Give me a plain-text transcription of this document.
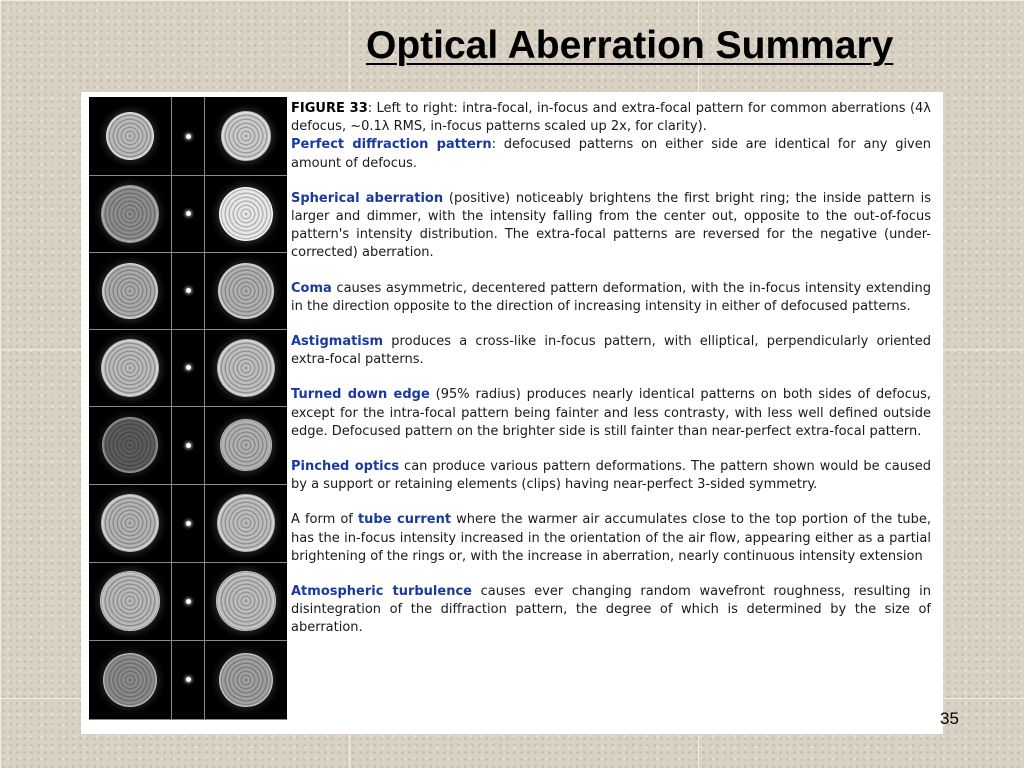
Optical Aberration Summary

FIGURE 33: Left to right: intra-focal, in-focus and extra-focal pattern for common aberrations (4λ defocus, ~0.1λ RMS, in-focus patterns scaled up 2x, for clarity).

Perfect diffraction pattern: defocused patterns on either side are identical for any given amount of defocus.

Spherical aberration (positive) noticeably brightens the first bright ring; the inside pattern is larger and dimmer, with the intensity falling from the center out, opposite to the out-of-focus pattern's intensity distribution. The extra-focal patterns are reversed for the negative (under-corrected) aberration.

Coma causes asymmetric, decentered pattern deformation, with the in-focus intensity extending in the direction opposite to the direction of increasing intensity in either of defocused patterns.

Astigmatism produces a cross-like in-focus pattern, with elliptical, perpendicularly oriented extra-focal patterns.

Turned down edge (95% radius) produces nearly identical patterns on both sides of defocus, except for the intra-focal pattern being fainter and less contrasty, with less well defined outside edge. Defocused pattern on the brighter side is still fainter than near-perfect extra-focal pattern.

Pinched optics can produce various pattern deformations. The pattern shown would be caused by a support or retaining elements (clips) having near-perfect 3-sided symmetry.

A form of tube current where the warmer air accumulates close to the top portion of the tube, has the in-focus intensity increased in the orientation of the air flow, appearing either as a partial brightening of the rings or, with the increase in aberration, nearly continuous intensity extension

Atmospheric turbulence causes ever changing random wavefront roughness, resulting in disintegration of the diffraction pattern, the degree of which is determined by the size of aberration.

35
